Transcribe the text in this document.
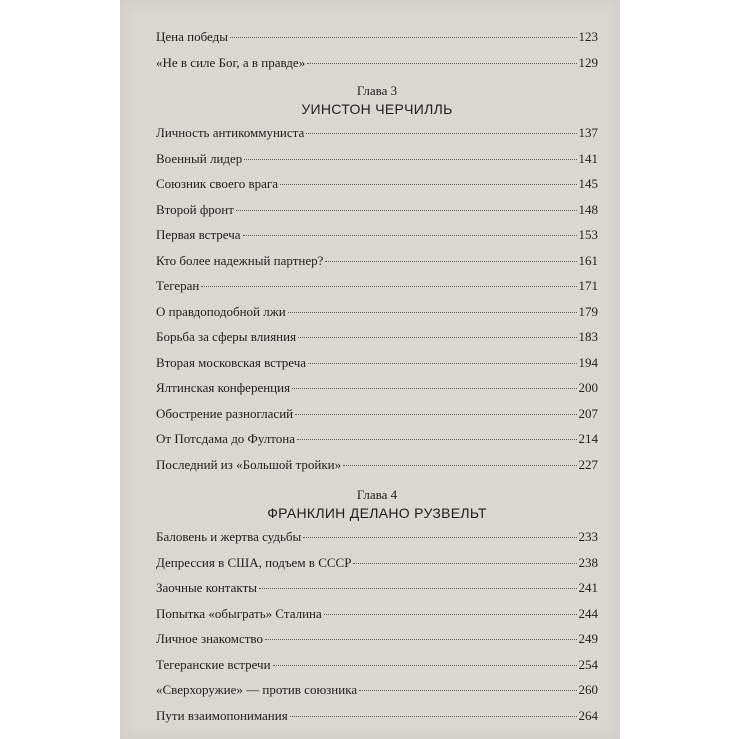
Цена победы	123
«Не в силе Бог, а в правде»	129
Глава 3
УИНСТОН ЧЕРЧИЛЛЬ
Личность антикоммуниста	137
Военный лидер	141
Союзник своего врага	145
Второй фронт	148
Первая встреча	153
Кто более надежный партнер?	161
Тегеран	171
О правдоподобной лжи	179
Борьба за сферы влияния	183
Вторая московская встреча	194
Ялтинская конференция	200
Обострение разногласий	207
От Потсдама до Фултона	214
Последний из «Большой тройки»	227
Глава 4
ФРАНКЛИН ДЕЛАНО РУЗВЕЛЬТ
Баловень и жертва судьбы	233
Депрессия в США, подъем в СССР	238
Заочные контакты	241
Попытка «обыграть» Сталина	244
Личное знакомство	249
Тегеранские встречи	254
«Сверхоружие» — против союзника	260
Пути взаимопонимания	264
